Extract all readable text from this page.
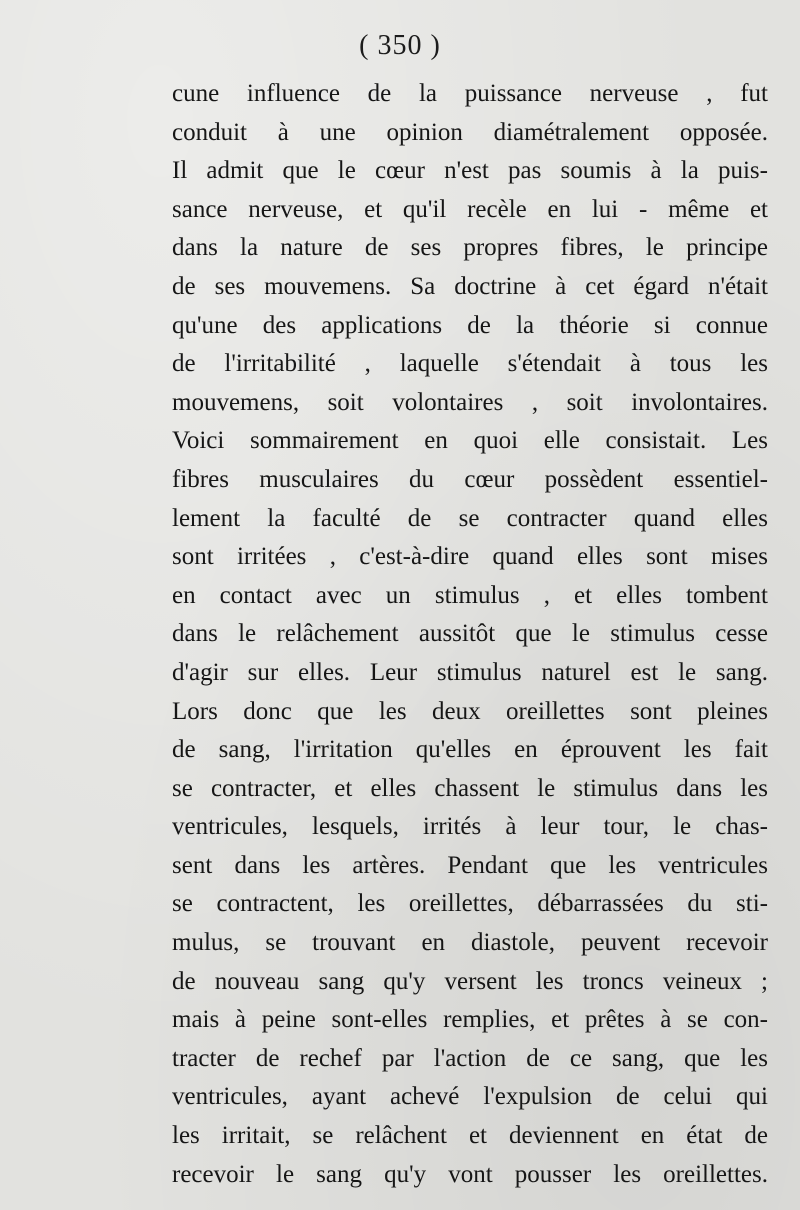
( 350 )
cune influence de la puissance nerveuse , fut
conduit à une opinion diamétralement opposée.
Il admit que le cœur n'est pas soumis à la puis-
sance nerveuse, et qu'il recèle en lui - même et
dans la nature de ses propres fibres, le principe
de ses mouvemens. Sa doctrine à cet égard n'était
qu'une des applications de la théorie si connue
de l'irritabilité , laquelle s'étendait à tous les
mouvemens, soit volontaires , soit involontaires.
Voici sommairement en quoi elle consistait. Les
fibres musculaires du cœur possèdent essentiel-
lement la faculté de se contracter quand elles
sont irritées , c'est-à-dire quand elles sont mises
en contact avec un stimulus , et elles tombent
dans le relâchement aussitôt que le stimulus cesse
d'agir sur elles. Leur stimulus naturel est le sang.
Lors donc que les deux oreillettes sont pleines
de sang, l'irritation qu'elles en éprouvent les fait
se contracter, et elles chassent le stimulus dans les
ventricules, lesquels, irrités à leur tour, le chas-
sent dans les artères. Pendant que les ventricules
se contractent, les oreillettes, débarrassées du sti-
mulus, se trouvant en diastole, peuvent recevoir
de nouveau sang qu'y versent les troncs veineux ;
mais à peine sont-elles remplies, et prêtes à se con-
tracter de rechef par l'action de ce sang, que les
ventricules, ayant achevé l'expulsion de celui qui
les irritait, se relâchent et deviennent en état de
recevoir le sang qu'y vont pousser les oreillettes.
